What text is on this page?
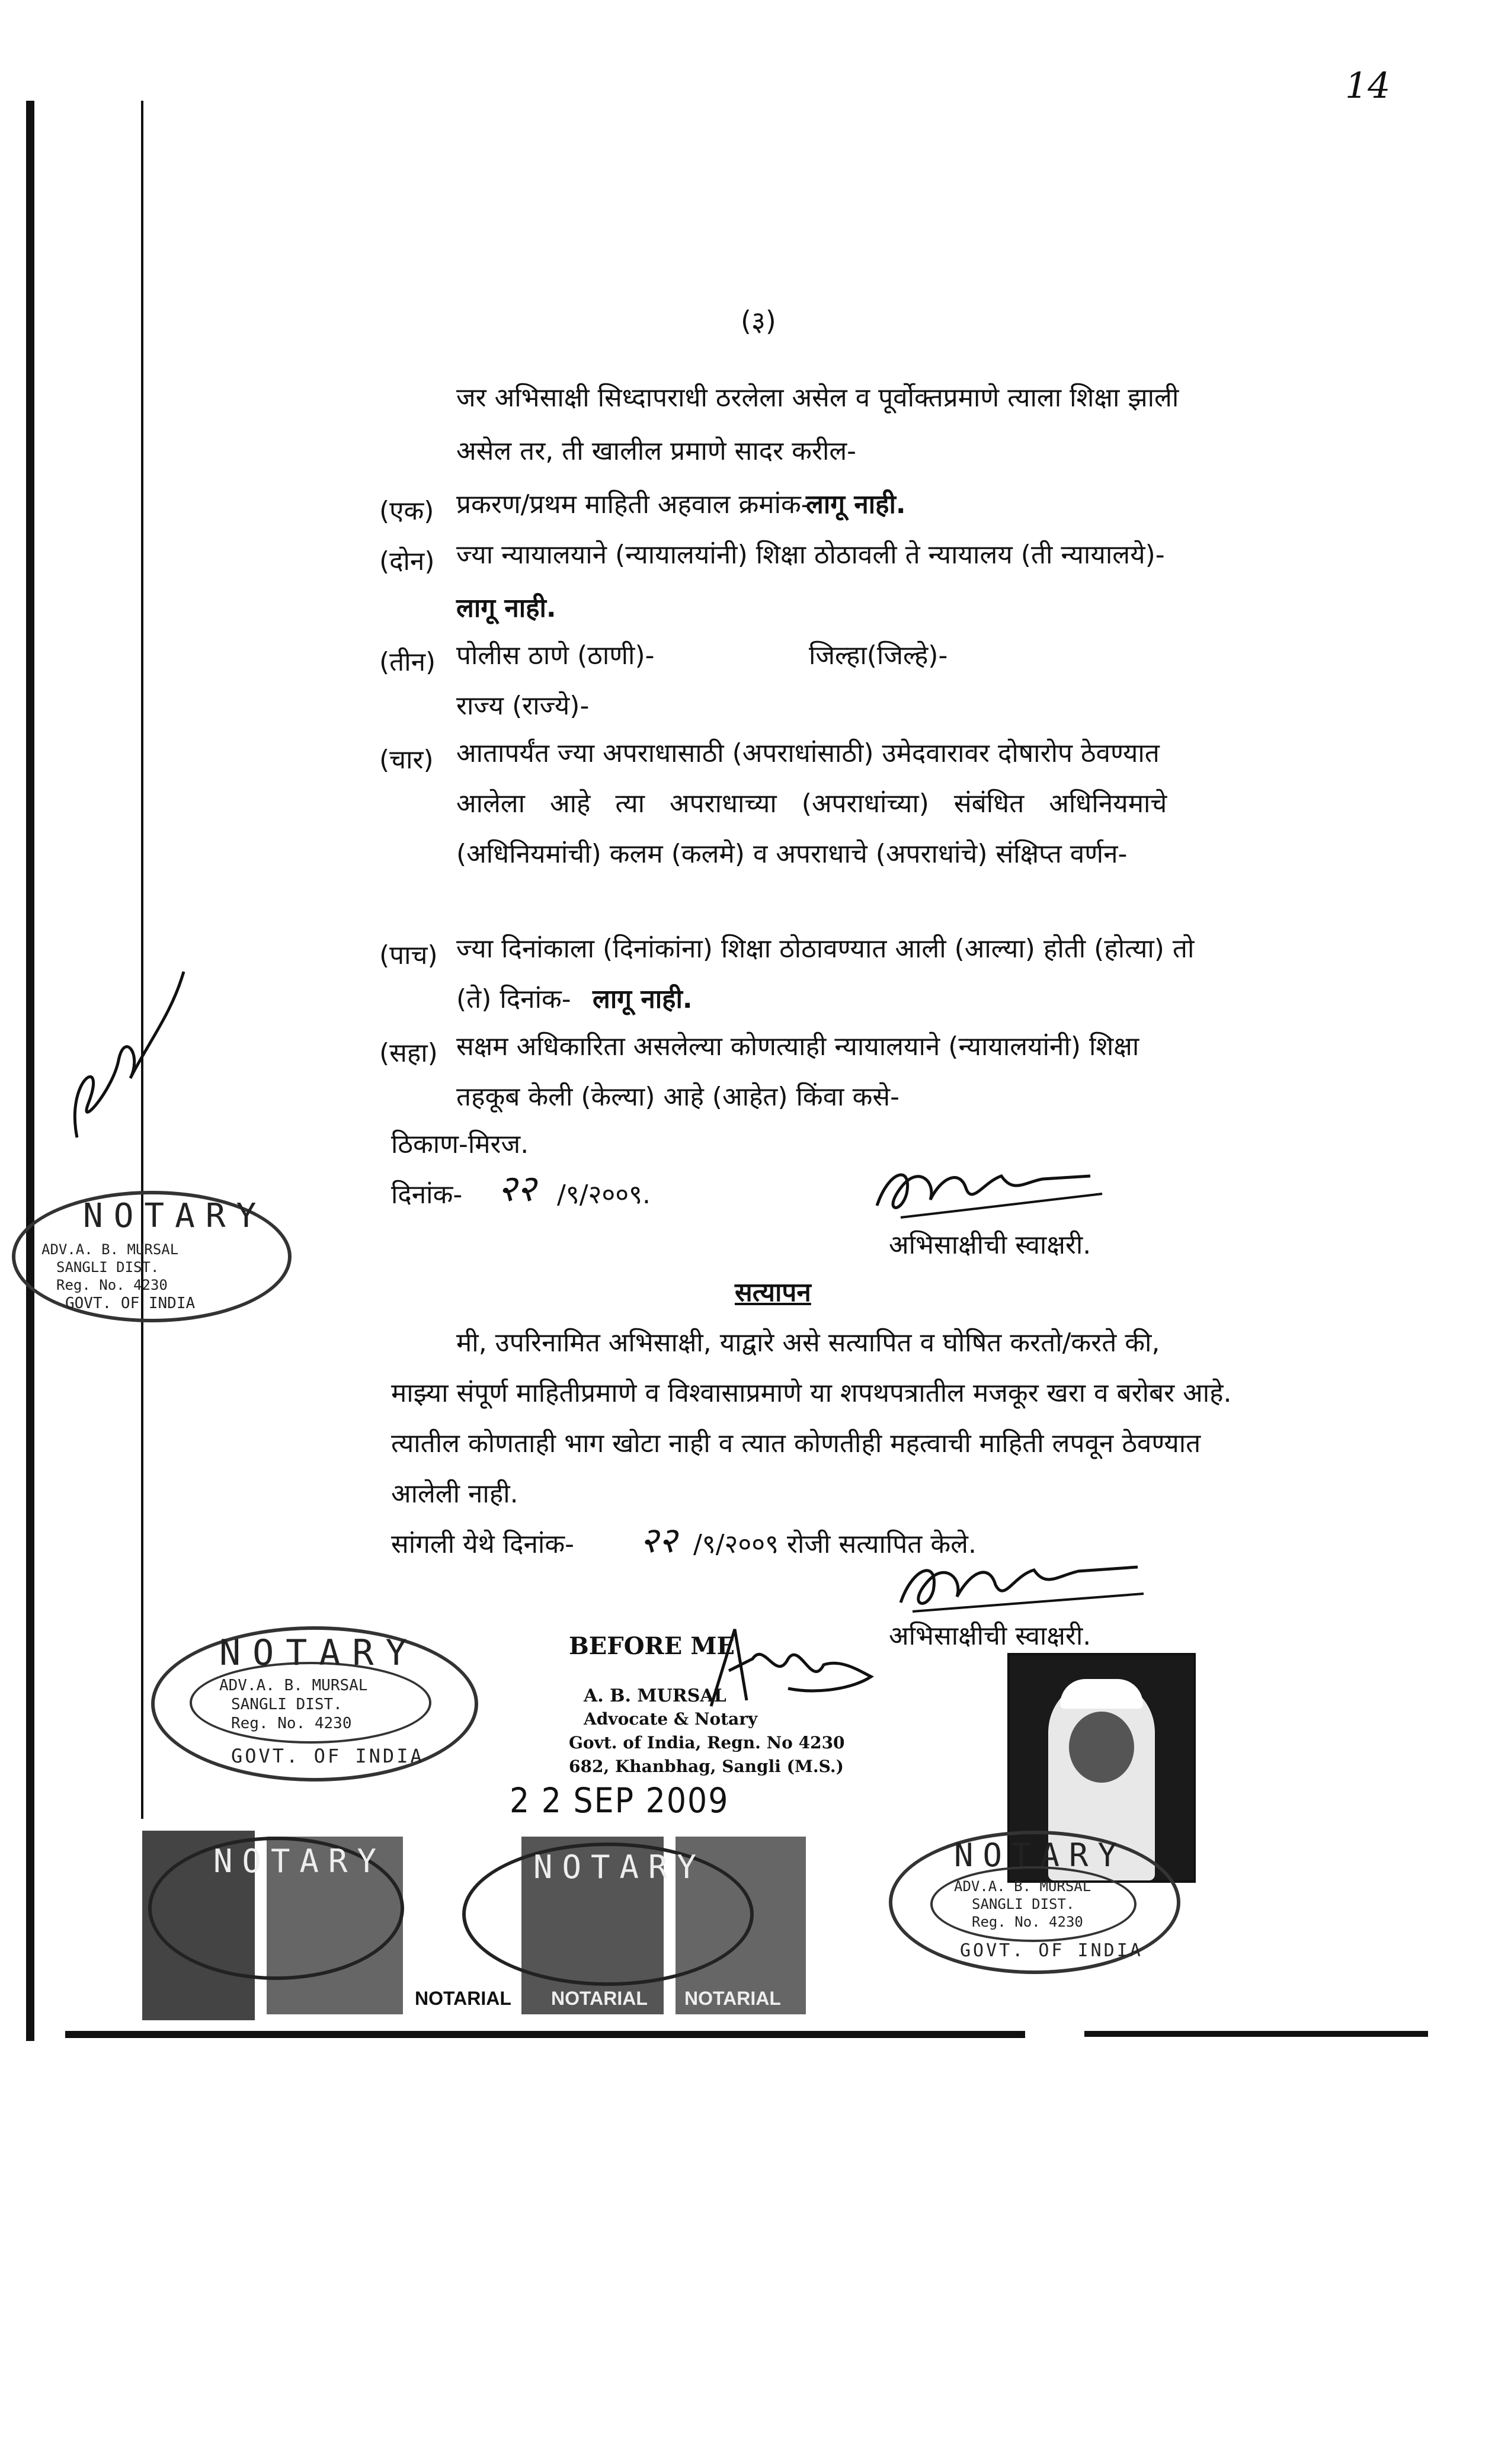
14
(३)
जर अभिसाक्षी सिध्दापराधी ठरलेला असेल व पूर्वोक्तप्रमाणे त्याला शिक्षा झाली
असेल तर, ती खालील प्रमाणे सादर करील-
(एक) प्रकरण/प्रथम माहिती अहवाल क्रमांक-
लागू नाही.
(दोन) ज्या न्यायालयाने (न्यायालयांनी) शिक्षा ठोठावली ते न्यायालय (ती न्यायालये)-
लागू नाही.
(तीन) पोलीस ठाणे (ठाणी)-	जिल्हा(जिल्हे)-
राज्य (राज्ये)-
(चार) आतापर्यंत ज्या अपराधासाठी (अपराधांसाठी) उमेदवारावर दोषारोप ठेवण्यात
आलेला आहे त्या अपराधाच्या (अपराधांच्या) संबंधित अधिनियमाचे
(अधिनियमांची) कलम (कलमे) व अपराधाचे (अपराधांचे) संक्षिप्त वर्णन-
(पाच) ज्या दिनांकाला (दिनांकांना) शिक्षा ठोठावण्यात आली (आल्या) होती (होत्या) तो
(ते) दिनांक- लागू नाही.
(सहा) सक्षम अधिकारिता असलेल्या कोणत्याही न्यायालयाने (न्यायालयांनी) शिक्षा
तहकूब केली (केल्या) आहे (आहेत) किंवा कसे-
ठिकाण-मिरज.
दिनांक- २२ /९/२००९.
अभिसाक्षीची स्वाक्षरी.
सत्यापन
मी, उपरिनामित अभिसाक्षी, याद्वारे असे सत्यापित व घोषित करतो/करते की,
माझ्या संपूर्ण माहितीप्रमाणे व विश्वासाप्रमाणे या शपथपत्रातील मजकूर खरा व बरोबर आहे.
त्यातील कोणताही भाग खोटा नाही व त्यात कोणतीही महत्वाची माहिती लपवून ठेवण्यात
आलेली नाही.
सांगली येथे दिनांक- २२ /९/२००९ रोजी सत्यापित केले.
अभिसाक्षीची स्वाक्षरी.
BEFORE ME
A. B. MURSAL
Advocate & Notary
Govt. of India, Regn. No 4230
682, Khanbhag, Sangli (M.S.)
2 2 SEP 2009
NOTARY
ADV.A. B. MURSAL
SANGLI DIST.
Reg. No. 4230
GOVT. OF INDIA
NOTARY
ADV.A. B. MURSAL
SANGLI DIST.
Reg. No. 4230
GOVT. OF INDIA
NOTARIAL NOTARIAL NOTARIAL
NOTARY	NOTARY	NOTARY
ADV.A. B. MURSAL
SANGLI DIST.
Reg. No. 4230
GOVT. OF INDIA
